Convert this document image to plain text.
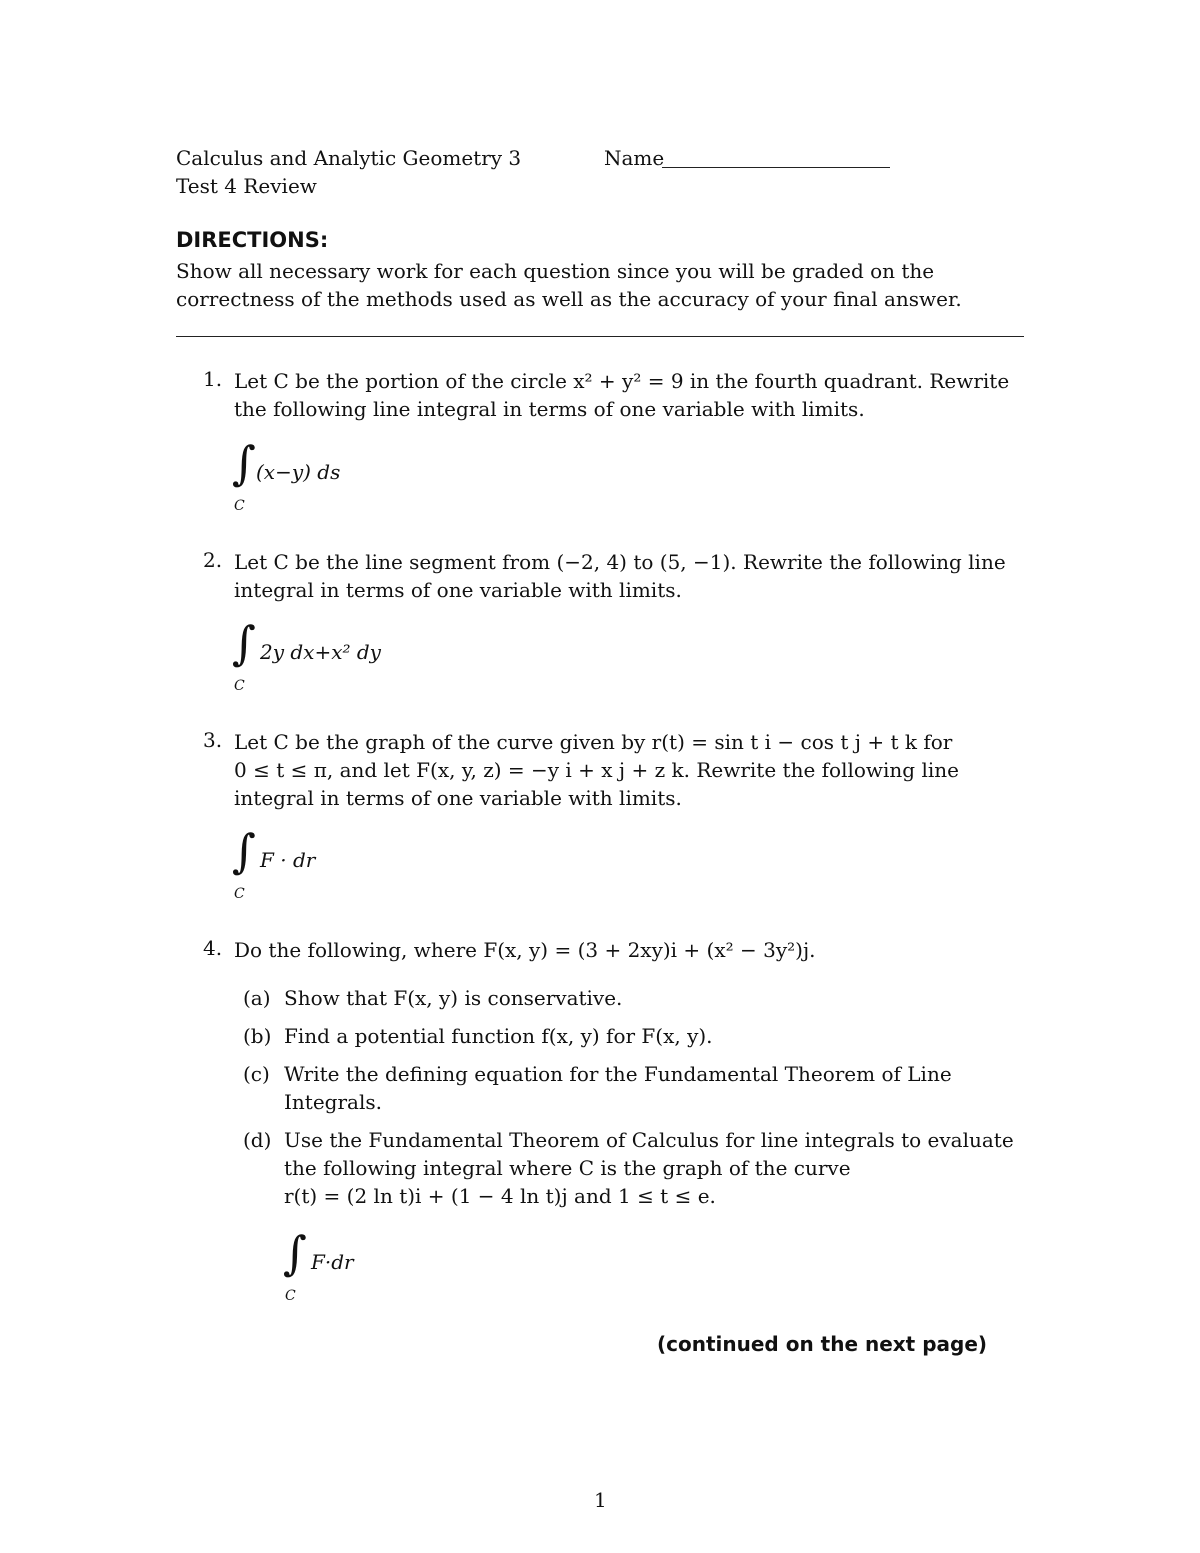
Calculus and Analytic Geometry 3	Name
Test 4 Review
DIRECTIONS:
Show all necessary work for each question since you will be graded on the
correctness of the methods used as well as the accuracy of your final answer.
1. Let C be the portion of the circle x² + y² = 9 in the fourth quadrant. Rewrite
the following line integral in terms of one variable with limits.
∫ (x−y) ds
C
2. Let C be the line segment from (−2, 4) to (5, −1). Rewrite the following line
integral in terms of one variable with limits.
∫ 2y dx+x² dy
C
3. Let C be the graph of the curve given by r(t) = sin t i − cos t j + t k for
0 ≤ t ≤ π, and let F(x, y, z) = −y i + x j + z k. Rewrite the following line
integral in terms of one variable with limits.
∫ F · dr
C
4. Do the following, where F(x, y) = (3 + 2xy)i + (x² − 3y²)j.
(a) Show that F(x, y) is conservative.
(b) Find a potential function f(x, y) for F(x, y).
(c) Write the defining equation for the Fundamental Theorem of Line
Integrals.
(d) Use the Fundamental Theorem of Calculus for line integrals to evaluate
the following integral where C is the graph of the curve
r(t) = (2 ln t)i + (1 − 4 ln t)j and 1 ≤ t ≤ e.
∫ F·dr
C
(continued on the next page)
1
